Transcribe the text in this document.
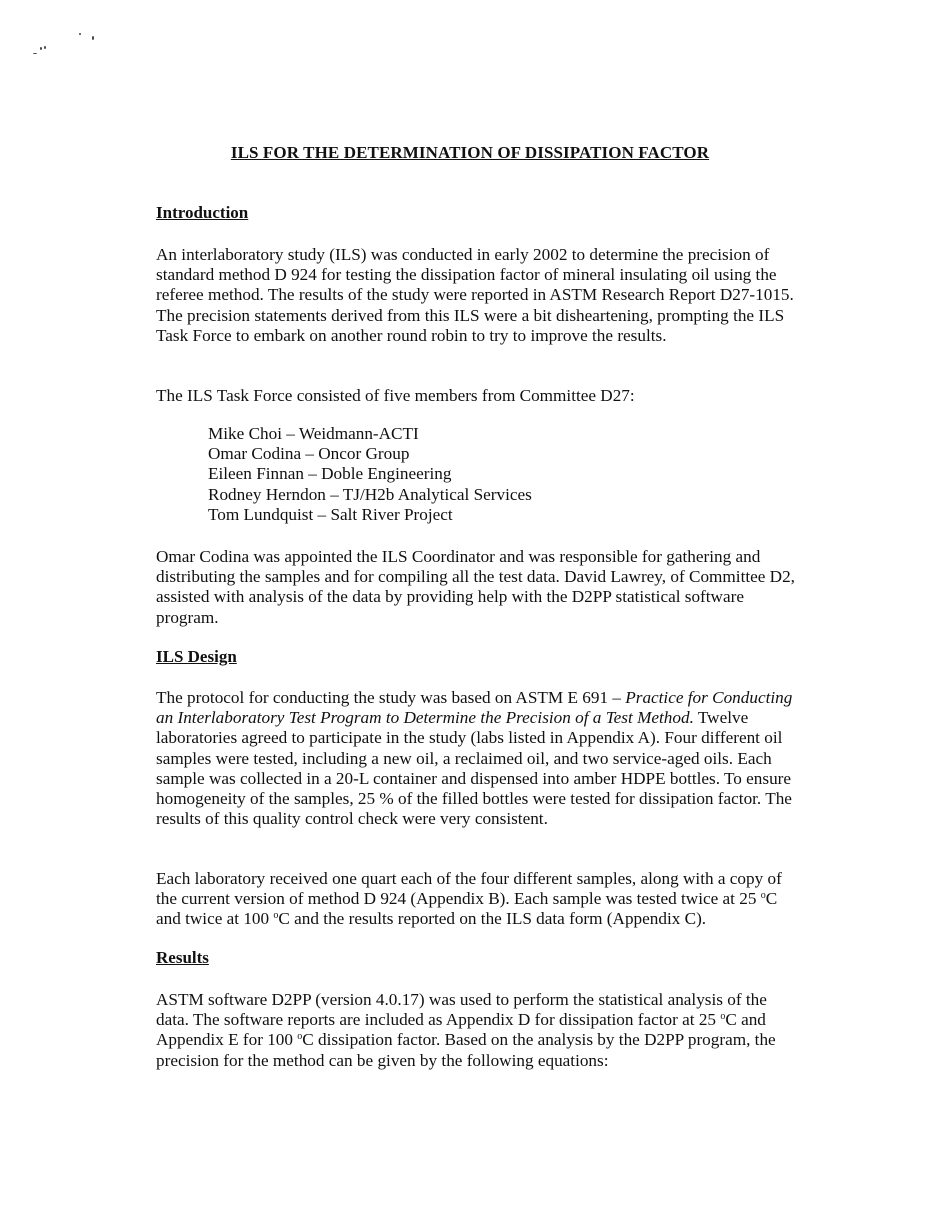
ILS FOR THE DETERMINATION OF DISSIPATION FACTOR
Introduction

An interlaboratory study (ILS) was conducted in early 2002 to determine the precision of standard method D 924 for testing the dissipation factor of mineral insulating oil using the referee method. The results of the study were reported in ASTM Research Report D27-1015. The precision statements derived from this ILS were a bit disheartening, prompting the ILS Task Force to embark on another round robin to try to improve the results.

The ILS Task Force consisted of five members from Committee D27:

Mike Choi – Weidmann-ACTI
Omar Codina – Oncor Group
Eileen Finnan – Doble Engineering
Rodney Herndon – TJ/H2b Analytical Services
Tom Lundquist – Salt River Project

Omar Codina was appointed the ILS Coordinator and was responsible for gathering and distributing the samples and for compiling all the test data. David Lawrey, of Committee D2, assisted with analysis of the data by providing help with the D2PP statistical software program.

ILS Design

The protocol for conducting the study was based on ASTM E 691 – Practice for Conducting an Interlaboratory Test Program to Determine the Precision of a Test Method. Twelve laboratories agreed to participate in the study (labs listed in Appendix A). Four different oil samples were tested, including a new oil, a reclaimed oil, and two service-aged oils. Each sample was collected in a 20-L container and dispensed into amber HDPE bottles. To ensure homogeneity of the samples, 25 % of the filled bottles were tested for dissipation factor. The results of this quality control check were very consistent.

Each laboratory received one quart each of the four different samples, along with a copy of the current version of method D 924 (Appendix B). Each sample was tested twice at 25 $^o$C and twice at 100 $^o$C and the results reported on the ILS data form (Appendix C).

Results

ASTM software D2PP (version 4.0.17) was used to perform the statistical analysis of the data. The software reports are included as Appendix D for dissipation factor at 25 $^o$C and Appendix E for 100 $^o$C dissipation factor. Based on the analysis by the D2PP program, the precision for the method can be given by the following equations:
